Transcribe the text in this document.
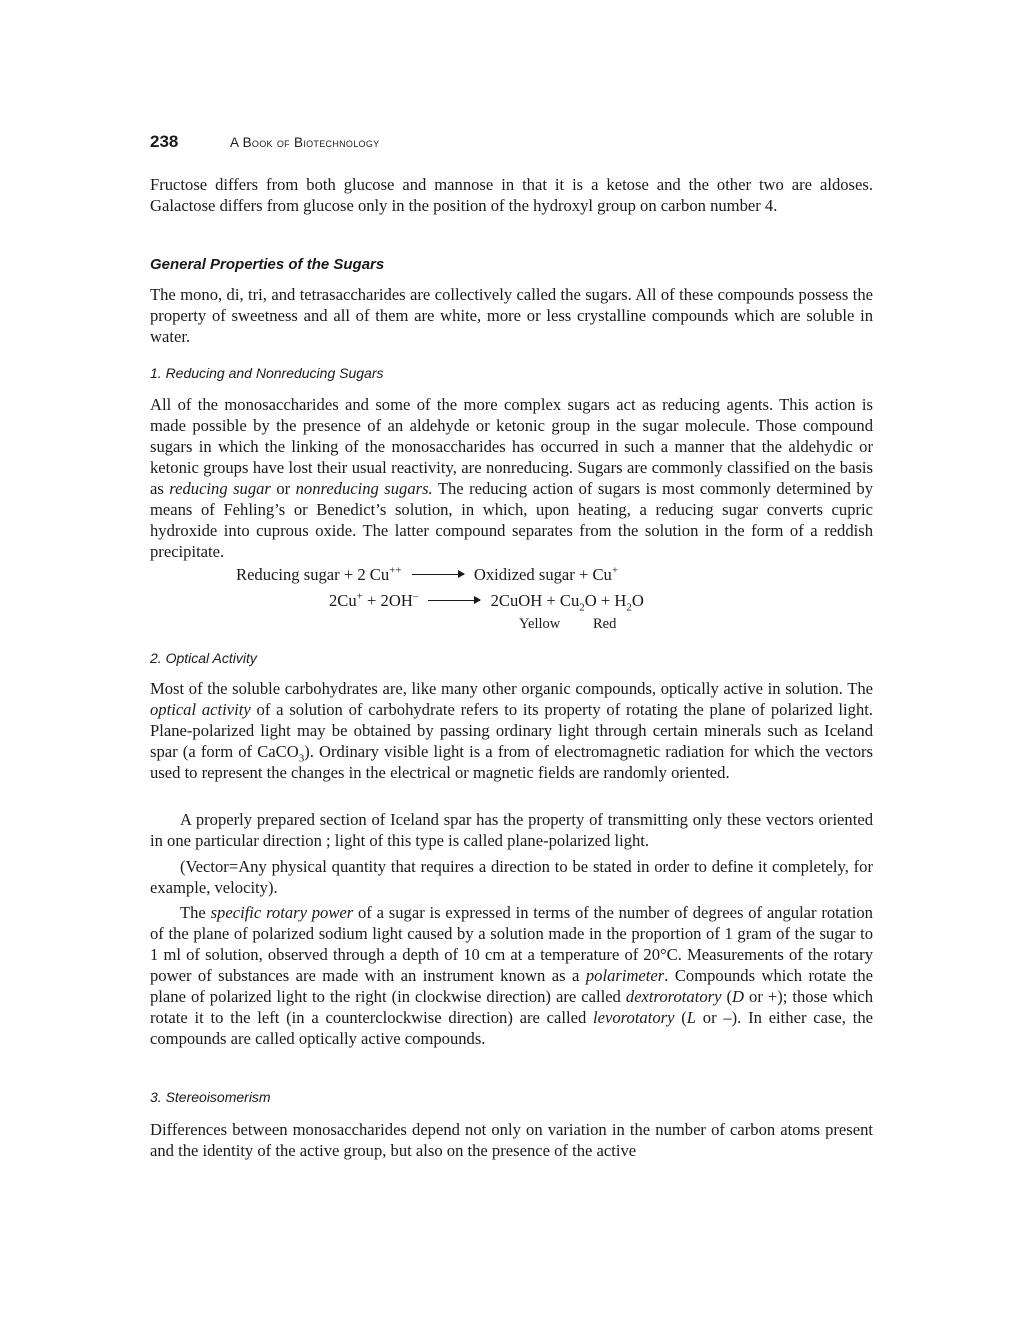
238	A Book of Biotechnology

Fructose differs from both glucose and mannose in that it is a ketose and the other two are aldoses. Galactose differs from glucose only in the position of the hydroxyl group on carbon number 4.

General Properties of the Sugars

The mono, di, tri, and tetrasaccharides are collectively called the sugars. All of these compounds possess the property of sweetness and all of them are white, more or less crystalline compounds which are soluble in water.

1. Reducing and Nonreducing Sugars

All of the monosaccharides and some of the more complex sugars act as reducing agents. This action is made possible by the presence of an aldehyde or ketonic group in the sugar molecule. Those compound sugars in which the linking of the monosaccharides has occurred in such a manner that the aldehydic or ketonic groups have lost their usual reactivity, are nonreducing. Sugars are commonly classified on the basis as reducing sugar or nonreducing sugars. The reducing action of sugars is most commonly determined by means of Fehling’s or Benedict’s solution, in which, upon heating, a reducing sugar converts cupric hydroxide into cuprous oxide. The latter compound separates from the solution in the form of a reddish precipitate.

Reducing sugar + 2 Cu++ → Oxidized sugar + Cu+
2Cu+ + 2OH– → 2CuOH + $Cu_2O + H_2O$
Yellow Red
2. Optical Activity

Most of the soluble carbohydrates are, like many other organic compounds, optically active in solution. The optical activity of a solution of carbohydrate refers to its property of rotating the plane of polarized light. Plane-polarized light may be obtained by passing ordinary light through certain minerals such as Iceland spar (a form of CaCO$_3$). Ordinary visible light is a from of electromagnetic radiation for which the vectors used to represent the changes in the electrical or magnetic fields are randomly oriented.

A properly prepared section of Iceland spar has the property of transmitting only these vectors oriented in one particular direction ; light of this type is called plane-polarized light.

(Vector=Any physical quantity that requires a direction to be stated in order to define it completely, for example, velocity).

The specific rotary power of a sugar is expressed in terms of the number of degrees of angular rotation of the plane of polarized sodium light caused by a solution made in the proportion of 1 gram of the sugar to 1 ml of solution, observed through a depth of 10 cm at a temperature of 20°C. Measurements of the rotary power of substances are made with an instrument known as a polarimeter. Compounds which rotate the plane of polarized light to the right (in clockwise direction) are called dextrorotatory (D or +); those which rotate it to the left (in a counterclockwise direction) are called levorotatory (L or –). In either case, the compounds are called optically active compounds.

3. Stereoisomerism

Differences between monosaccharides depend not only on variation in the number of carbon atoms present and the identity of the active group, but also on the presence of the active
